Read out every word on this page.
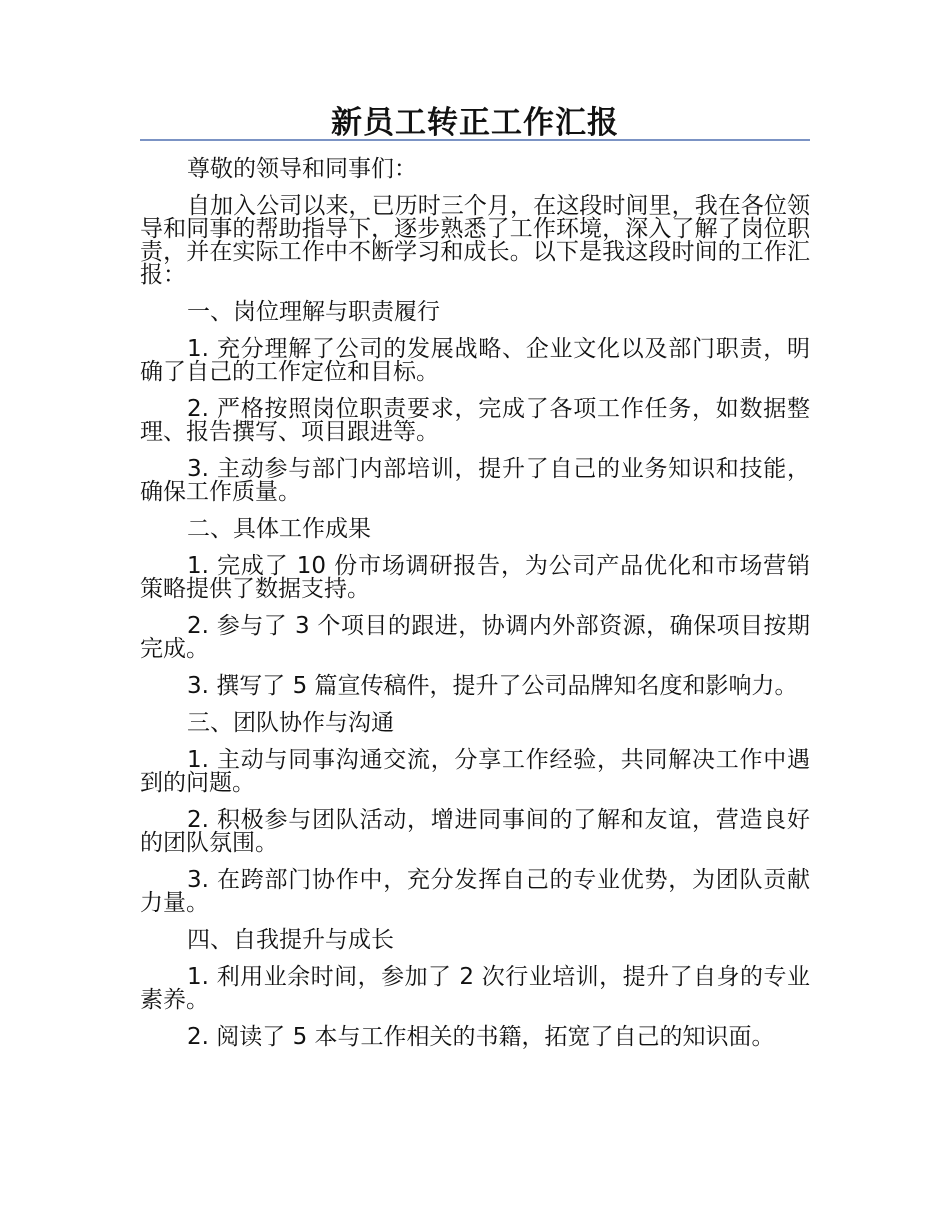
新员工转正工作汇报

尊敬的领导和同事们：

自加入公司以来，已历时三个月，在这段时间里，我在各位领导和同事的帮助指导下，逐步熟悉了工作环境，深入了解了岗位职责，并在实际工作中不断学习和成长。以下是我这段时间的工作汇报：

一、岗位理解与职责履行

1. 充分理解了公司的发展战略、企业文化以及部门职责，明确了自己的工作定位和目标。

2. 严格按照岗位职责要求，完成了各项工作任务，如数据整理、报告撰写、项目跟进等。

3. 主动参与部门内部培训，提升了自己的业务知识和技能，确保工作质量。

二、具体工作成果

1. 完成了 10 份市场调研报告，为公司产品优化和市场营销策略提供了数据支持。

2. 参与了 3 个项目的跟进，协调内外部资源，确保项目按期完成。

3. 撰写了 5 篇宣传稿件，提升了公司品牌知名度和影响力。

三、团队协作与沟通

1. 主动与同事沟通交流，分享工作经验，共同解决工作中遇到的问题。

2. 积极参与团队活动，增进同事间的了解和友谊，营造良好的团队氛围。

3. 在跨部门协作中，充分发挥自己的专业优势，为团队贡献力量。

四、自我提升与成长

1. 利用业余时间，参加了 2 次行业培训，提升了自身的专业素养。

2. 阅读了 5 本与工作相关的书籍，拓宽了自己的知识面。
